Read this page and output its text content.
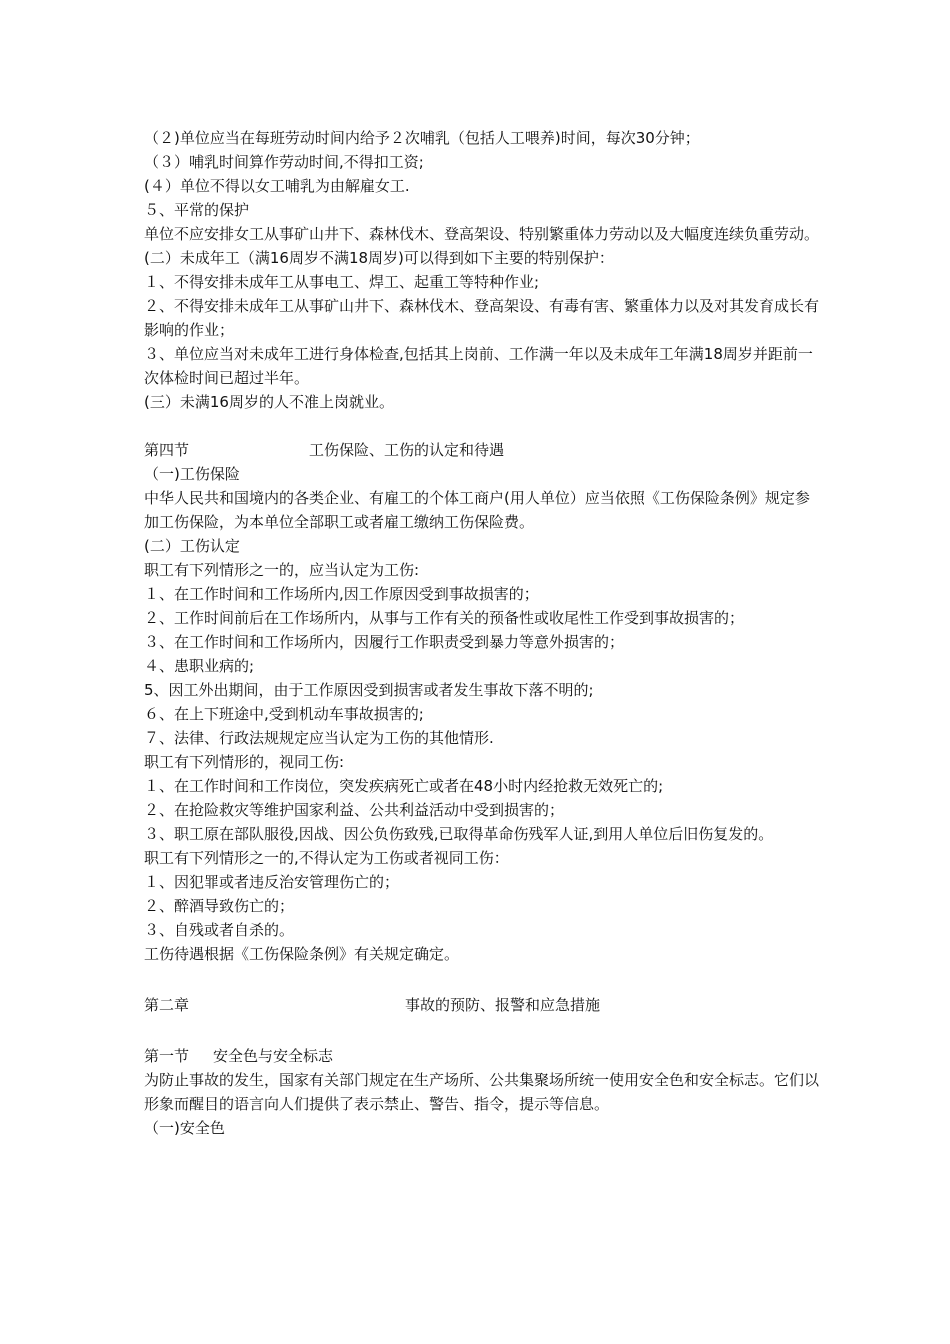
（２)单位应当在每班劳动时间内给予２次哺乳（包括人工喂养)时间，每次30分钟；

（３）哺乳时间算作劳动时间,不得扣工资;

(４）单位不得以女工哺乳为由解雇女工.

５、平常的保护

单位不应安排女工从事矿山井下、森林伐木、登高架设、特别繁重体力劳动以及大幅度连续负重劳动。

(二）未成年工（满16周岁不满18周岁)可以得到如下主要的特别保护：

１、不得安排未成年工从事电工、焊工、起重工等特种作业;

２、不得安排未成年工从事矿山井下、森林伐木、登高架设、有毒有害、繁重体力以及对其发育成长有影响的作业；

３、单位应当对未成年工进行身体检查,包括其上岗前、工作满一年以及未成年工年满18周岁并距前一次体检时间已超过半年。

(三）未满16周岁的人不准上岗就业。

第四节	工伤保险、工伤的认定和待遇

（一)工伤保险

中华人民共和国境内的各类企业、有雇工的个体工商户(用人单位）应当依照《工伤保险条例》规定参加工伤保险，为本单位全部职工或者雇工缴纳工伤保险费。

(二）工伤认定

职工有下列情形之一的，应当认定为工伤:

１、在工作时间和工作场所内,因工作原因受到事故损害的；

２、工作时间前后在工作场所内，从事与工作有关的预备性或收尾性工作受到事故损害的；

３、在工作时间和工作场所内，因履行工作职责受到暴力等意外损害的；

４、患职业病的;

5、因工外出期间，由于工作原因受到损害或者发生事故下落不明的;

６、在上下班途中,受到机动车事故损害的;

７、法律、行政法规规定应当认定为工伤的其他情形.

职工有下列情形的，视同工伤:

１、在工作时间和工作岗位，突发疾病死亡或者在48小时内经抢救无效死亡的;

２、在抢险救灾等维护国家利益、公共利益活动中受到损害的；

３、职工原在部队服役,因战、因公负伤致残,已取得革命伤残军人证,到用人单位后旧伤复发的。

职工有下列情形之一的,不得认定为工伤或者视同工伤：

１、因犯罪或者违反治安管理伤亡的；

２、醉酒导致伤亡的；

３、自残或者自杀的。

工伤待遇根据《工伤保险条例》有关规定确定。

第二章	事故的预防、报警和应急措施
第一节 安全色与安全标志

为防止事故的发生，国家有关部门规定在生产场所、公共集聚场所统一使用安全色和安全标志。它们以形象而醒目的语言向人们提供了表示禁止、警告、指令，提示等信息。

（一)安全色
